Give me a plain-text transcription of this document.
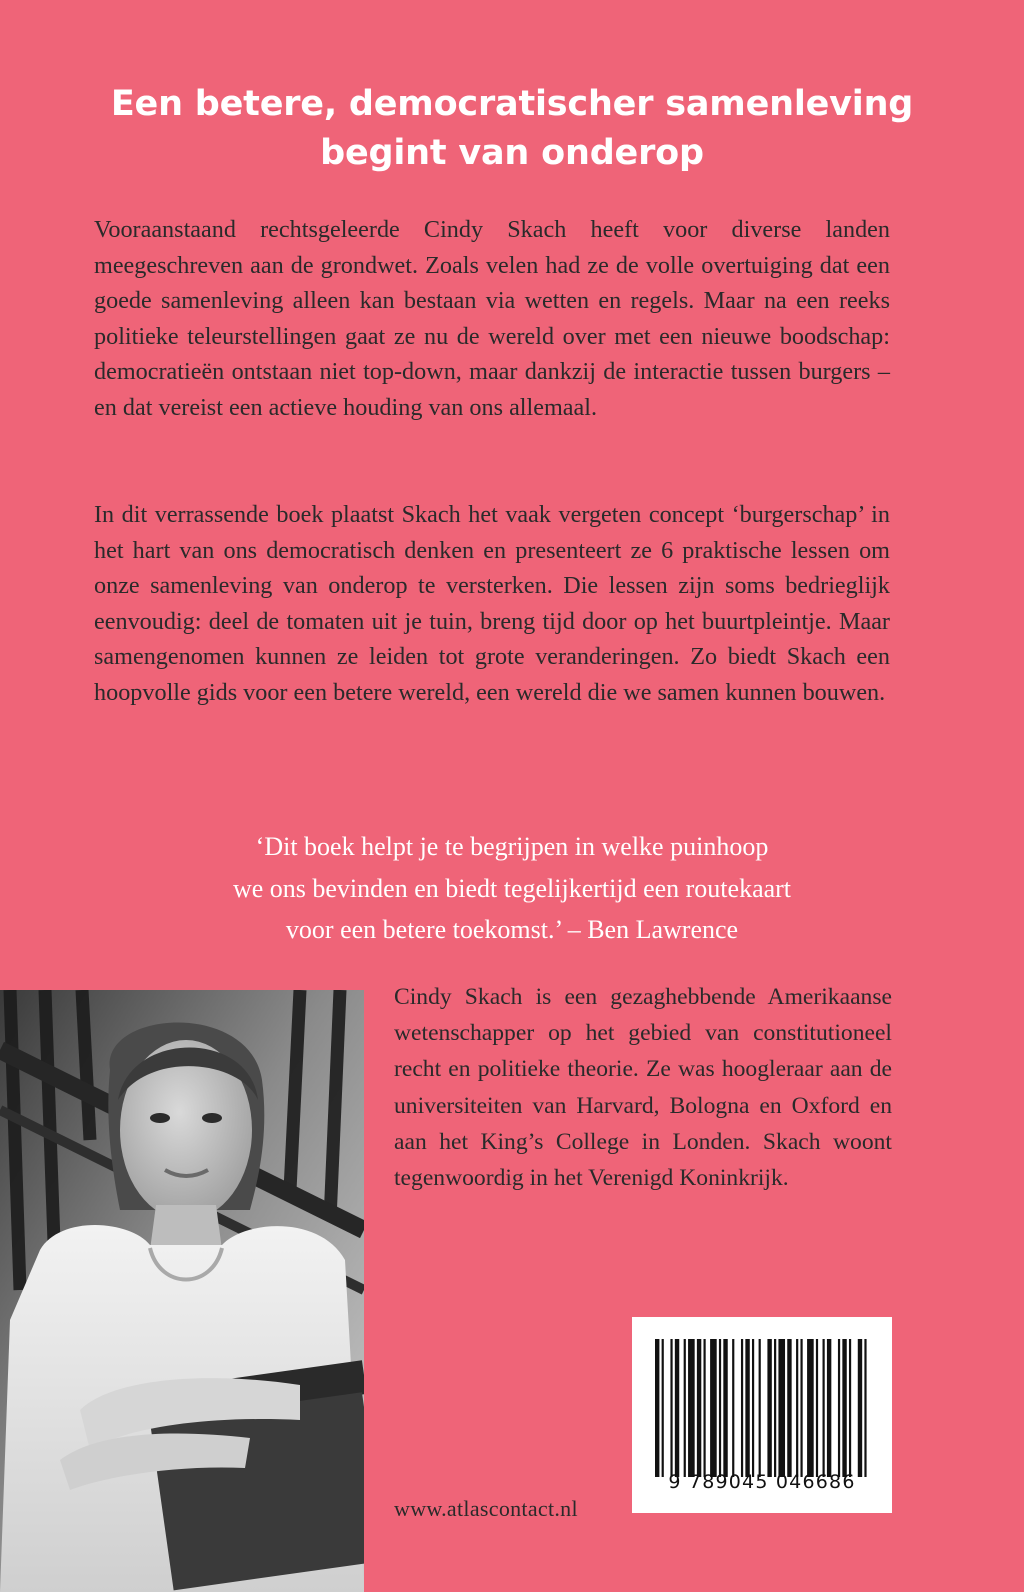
Een betere, democratischer samenleving
begint van onderop

Vooraanstaand rechtsgeleerde Cindy Skach heeft voor diverse landen meegeschreven aan de grondwet. Zoals velen had ze de volle overtuiging dat een goede samenleving alleen kan bestaan via wetten en regels. Maar na een reeks politieke teleurstellingen gaat ze nu de wereld over met een nieuwe boodschap: democratieën ontstaan niet top-down, maar dankzij de interactie tussen burgers – en dat vereist een actieve houding van ons allemaal.

In dit verrassende boek plaatst Skach het vaak vergeten concept ‘burgerschap’ in het hart van ons democratisch denken en presenteert ze 6 praktische lessen om onze samenleving van onderop te versterken. Die lessen zijn soms bedrieglijk eenvoudig: deel de tomaten uit je tuin, breng tijd door op het buurtpleintje. Maar samengenomen kunnen ze leiden tot grote veranderingen. Zo biedt Skach een hoopvolle gids voor een betere wereld, een wereld die we samen kunnen bouwen.

‘Dit boek helpt je te begrijpen in welke puinhoop
we ons bevinden en biedt tegelijkertijd een routekaart
voor een betere toekomst.’ – Ben Lawrence

Cindy Skach is een gezaghebbende Amerikaanse wetenschapper op het gebied van constitutioneel recht en politieke theorie. Ze was hoogleraar aan de universiteiten van Harvard, Bologna en Oxford en aan het King’s College in Londen. Skach woont tegenwoordig in het Verenigd Koninkrijk.

9 789045 046686

www.atlascontact.nl
